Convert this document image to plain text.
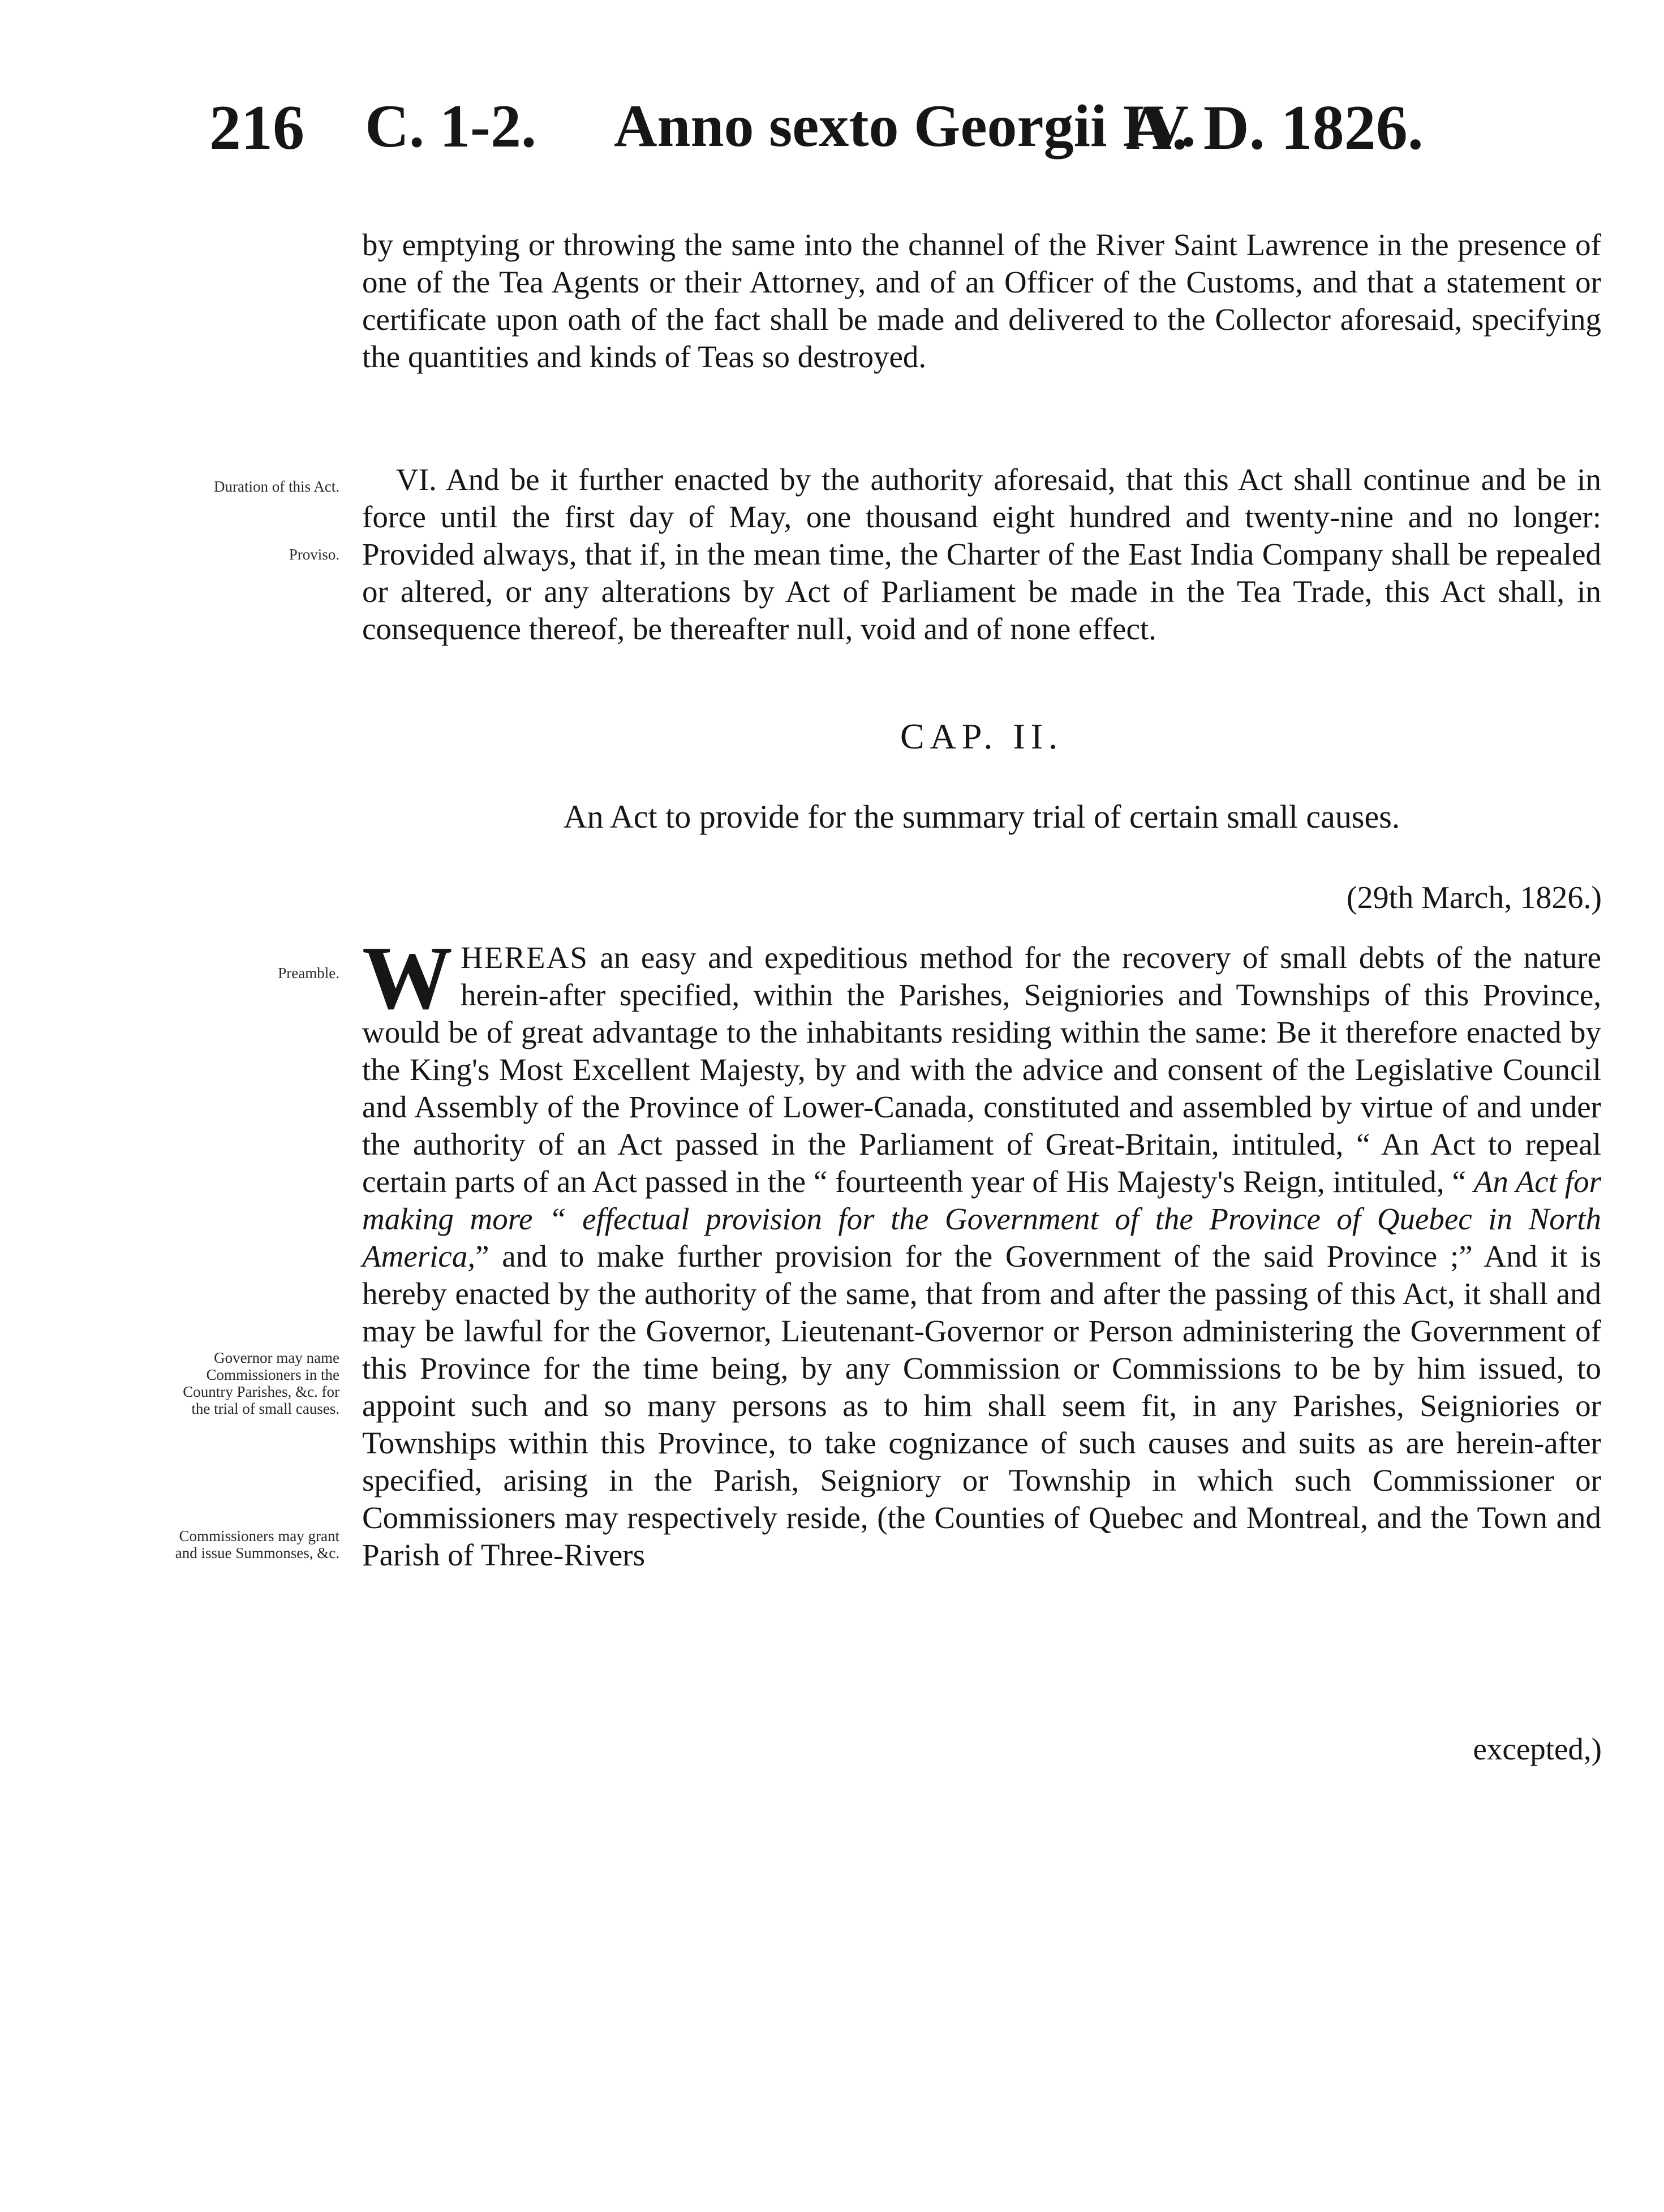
216 C. 1-2. Anno sexto Georgii IV.
A. D. 1826.

by emptying or throwing the same into the channel of the River Saint Lawrence in the presence of one of the Tea Agents or their Attorney, and of an Officer of the Customs, and that a statement or certificate upon oath of the fact shall be made and delivered to the Collector aforesaid, specifying the quantities and kinds of Teas so destroyed.

Duration of this Act.

Proviso.

VI. And be it further enacted by the authority aforesaid, that this Act shall continue and be in force until the first day of May, one thousand eight hundred and twenty-nine and no longer: Provided always, that if, in the mean time, the Charter of the East India Company shall be repealed or altered, or any alterations by Act of Parliament be made in the Tea Trade, this Act shall, in consequence thereof, be thereafter null, void and of none effect.

CAP. II.

An Act to provide for the summary trial of certain small causes.

(29th March, 1826.)

Preamble.

Governor may name Commissioners in the Country Parishes, &c. for the trial of small causes.

Commissioners may grant and issue Summonses, &c.

WHEREAS an easy and expeditious method for the recovery of small debts of the nature herein-after specified, within the Parishes, Seigniories and Townships of this Province, would be of great advantage to the inhabitants residing within the same: Be it therefore enacted by the King's Most Excellent Majesty, by and with the advice and consent of the Legislative Council and Assembly of the Province of Lower-Canada, constituted and assembled by virtue of and under the authority of an Act passed in the Parliament of Great-Britain, intituled, “ An Act to repeal certain parts of an Act passed in the “ fourteenth year of His Majesty's Reign, intituled, “ An Act for making more “ effectual provision for the Government of the Province of Quebec in North America,” and to make further provision for the Government of the said Province ;” And it is hereby enacted by the authority of the same, that from and after the passing of this Act, it shall and may be lawful for the Governor, Lieutenant-Governor or Person administering the Government of this Province for the time being, by any Commission or Commissions to be by him issued, to appoint such and so many persons as to him shall seem fit, in any Parishes, Seigniories or Townships within this Province, to take cognizance of such causes and suits as are herein-after specified, arising in the Parish, Seigniory or Township in which such Commissioner or Commissioners may respectively reside, (the Counties of Quebec and Montreal, and the Town and Parish of Three-Rivers

excepted,)
